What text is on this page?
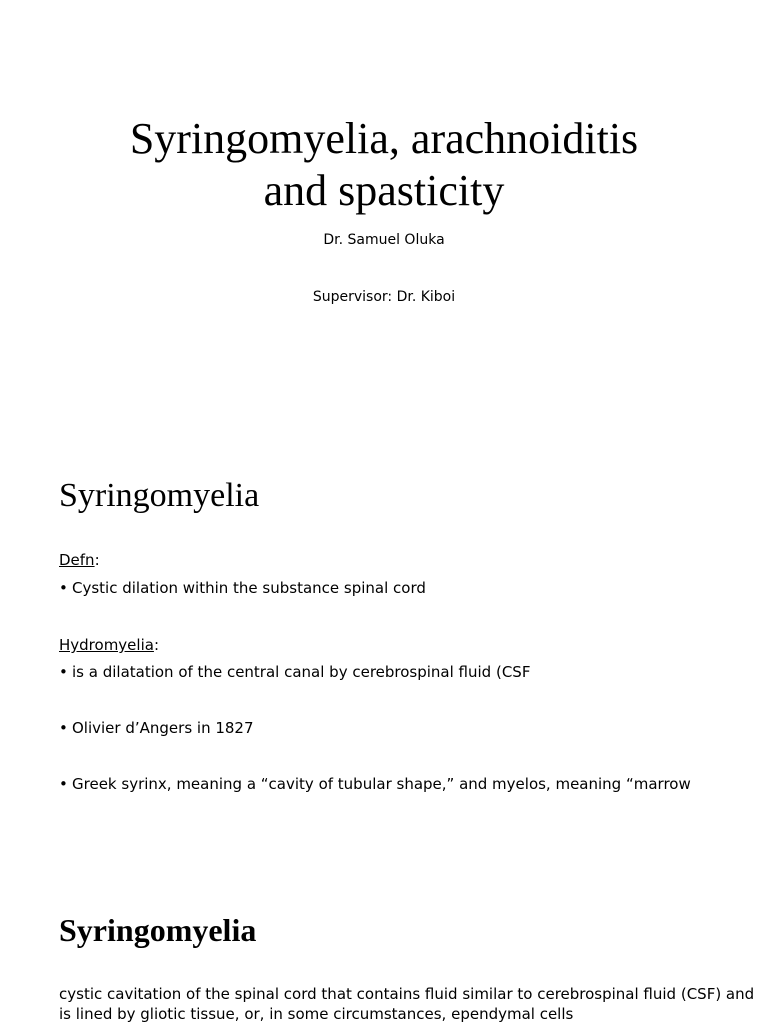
Syringomyelia, arachnoiditis
and spasticity
Dr. Samuel Oluka
Supervisor: Dr. Kiboi
Syringomyelia
Defn:
• Cystic dilation within the substance spinal cord
Hydromyelia:
• is a dilatation of the central canal by cerebrospinal fluid (CSF
• Olivier d’Angers in 1827
• Greek syrinx, meaning a “cavity of tubular shape,” and myelos, meaning “marrow
Syringomyelia

cystic cavitation of the spinal cord that contains fluid similar to cerebrospinal fluid (CSF) and is lined by gliotic tissue, or, in some circumstances, ependymal cells
